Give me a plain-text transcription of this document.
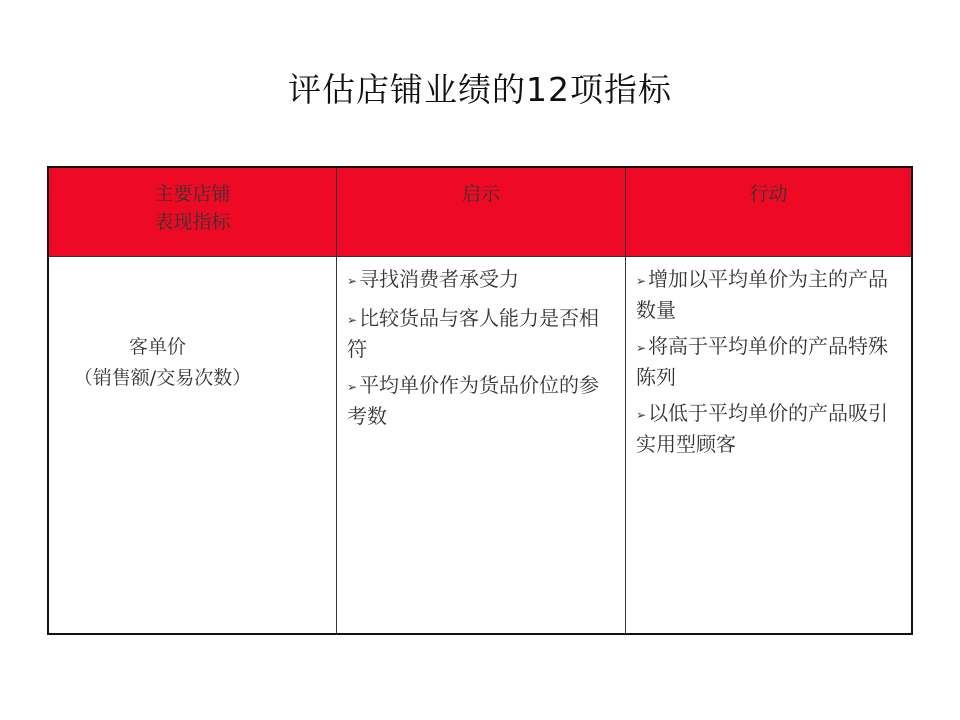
评估店铺业绩的12项指标
主要店铺
表现指标
启示	行动
客单价
（销售额/交易次数）
➢ 寻找消费者承受力
➢ 比较货品与客人能力是否相符
➢ 平均单价作为货品价位的参考数
➢ 增加以平均单价为主的产品数量
➢ 将高于平均单价的产品特殊陈列
➢ 以低于平均单价的产品吸引实用型顾客
